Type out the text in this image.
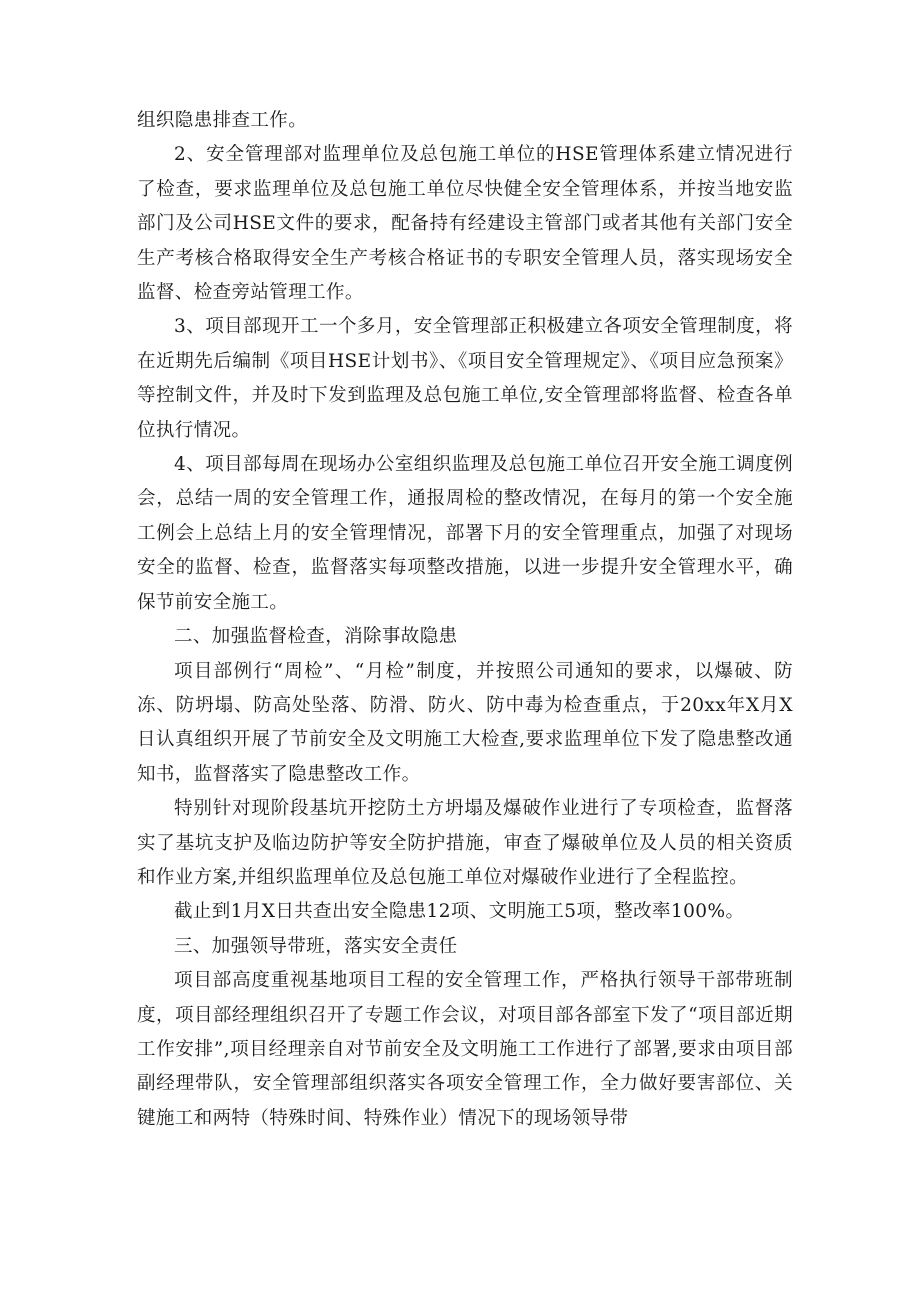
组织隐患排查工作。

2、安全管理部对监理单位及总包施工单位的HSE管理体系建立情况进行了检查，要求监理单位及总包施工单位尽快健全安全管理体系，并按当地安监部门及公司HSE文件的要求，配备持有经建设主管部门或者其他有关部门安全生产考核合格取得安全生产考核合格证书的专职安全管理人员，落实现场安全监督、检查旁站管理工作。

3、项目部现开工一个多月，安全管理部正积极建立各项安全管理制度，将在近期先后编制《项目HSE计划书》、《项目安全管理规定》、《项目应急预案》等控制文件，并及时下发到监理及总包施工单位,安全管理部将监督、检查各单位执行情况。

4、项目部每周在现场办公室组织监理及总包施工单位召开安全施工调度例会，总结一周的安全管理工作，通报周检的整改情况，在每月的第一个安全施工例会上总结上月的安全管理情况，部署下月的安全管理重点，加强了对现场安全的监督、检查，监督落实每项整改措施，以进一步提升安全管理水平，确保节前安全施工。

二、加强监督检查，消除事故隐患

项目部例行“周检”、“月检”制度，并按照公司通知的要求，以爆破、防冻、防坍塌、防高处坠落、防滑、防火、防中毒为检查重点，于20xx年X月X日认真组织开展了节前安全及文明施工大检查,要求监理单位下发了隐患整改通知书，监督落实了隐患整改工作。

特别针对现阶段基坑开挖防土方坍塌及爆破作业进行了专项检查，监督落实了基坑支护及临边防护等安全防护措施，审查了爆破单位及人员的相关资质和作业方案,并组织监理单位及总包施工单位对爆破作业进行了全程监控。

截止到1月X日共查出安全隐患12项、文明施工5项，整改率100%。

三、加强领导带班，落实安全责任

项目部高度重视基地项目工程的安全管理工作，严格执行领导干部带班制度，项目部经理组织召开了专题工作会议，对项目部各部室下发了“项目部近期工作安排”,项目经理亲自对节前安全及文明施工工作进行了部署,要求由项目部副经理带队，安全管理部组织落实各项安全管理工作，全力做好要害部位、关键施工和两特（特殊时间、特殊作业）情况下的现场领导带
